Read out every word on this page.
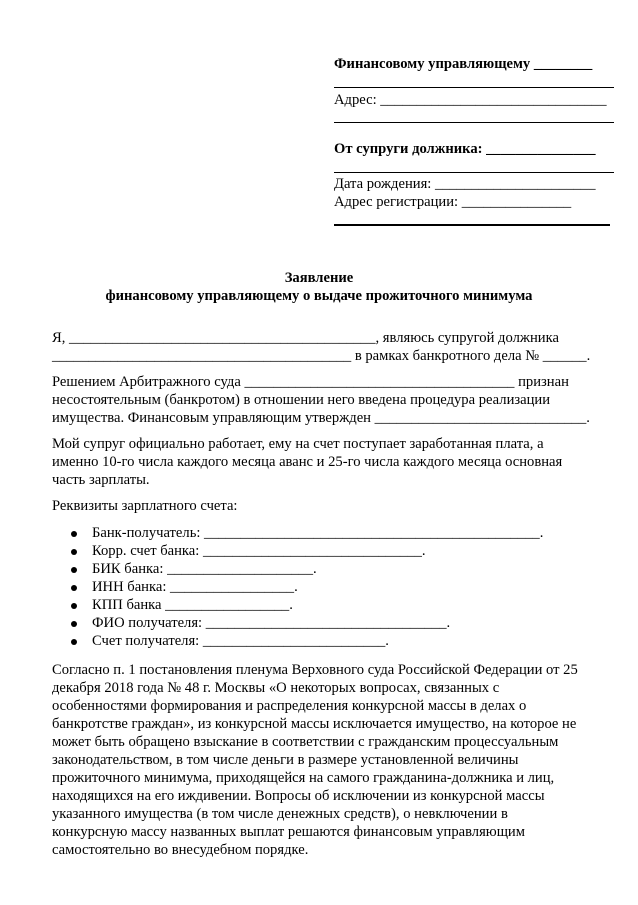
Финансовому управляющему ________
Адрес: _______________________________
От супруги должника: _______________
Дата рождения: ______________________
Адрес регистрации: _______________
Заявление
финансовому управляющему о выдаче прожиточного минимума
Я, __________________________________________, являюсь супругой должника
_________________________________________ в рамках банкротного дела № ______.
Решением Арбитражного суда _____________________________________ признан
несостоятельным (банкротом) в отношении него введена процедура реализации
имущества. Финансовым управляющим утвержден _____________________________.
Мой супруг официально работает, ему на счет поступает заработанная плата, а
именно 10-го числа каждого месяца аванс и 25-го числа каждого месяца основная
часть зарплаты.
Реквизиты зарплатного счета:
Банк-получатель: ______________________________________________.
Корр. счет банка: ______________________________.
БИК банка: ____________________.
ИНН банка: _________________.
КПП банка _________________.
ФИО получателя: _________________________________.
Счет получателя: _________________________.
Согласно п. 1 постановления пленума Верховного суда Российской Федерации от 25
декабря 2018 года № 48 г. Москвы «О некоторых вопросах, связанных с
особенностями формирования и распределения конкурсной массы в делах о
банкротстве граждан», из конкурсной массы исключается имущество, на которое не
может быть обращено взыскание в соответствии с гражданским процессуальным
законодательством, в том числе деньги в размере установленной величины
прожиточного минимума, приходящейся на самого гражданина-должника и лиц,
находящихся на его иждивении. Вопросы об исключении из конкурсной массы
указанного имущества (в том числе денежных средств), о невключении в
конкурсную массу названных выплат решаются финансовым управляющим
самостоятельно во внесудебном порядке.
